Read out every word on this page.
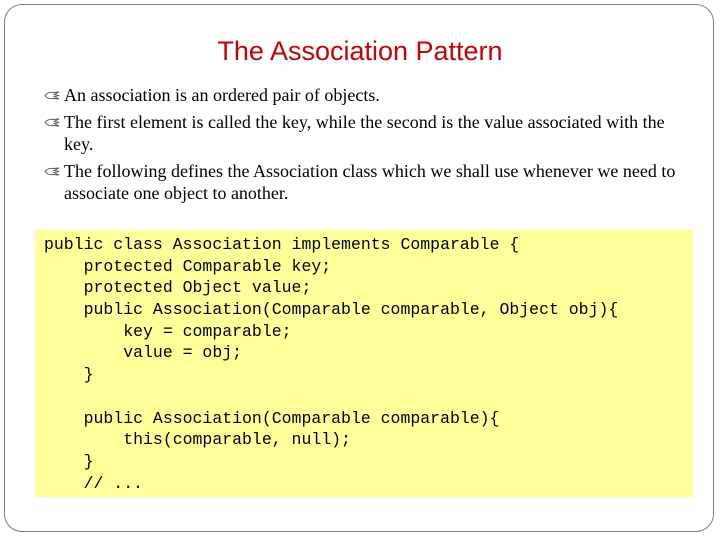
The Association Pattern
An association is an ordered pair of objects.
The first element is called the key, while the second is the value associated with the key.
The following defines the Association class which we shall use whenever we need to associate one object to another.
public class Association implements Comparable {
protected Comparable key;
protected Object value;
public Association(Comparable comparable, Object obj){
key = comparable;
value = obj;
}
public Association(Comparable comparable){
this(comparable, null);
}
// ...
